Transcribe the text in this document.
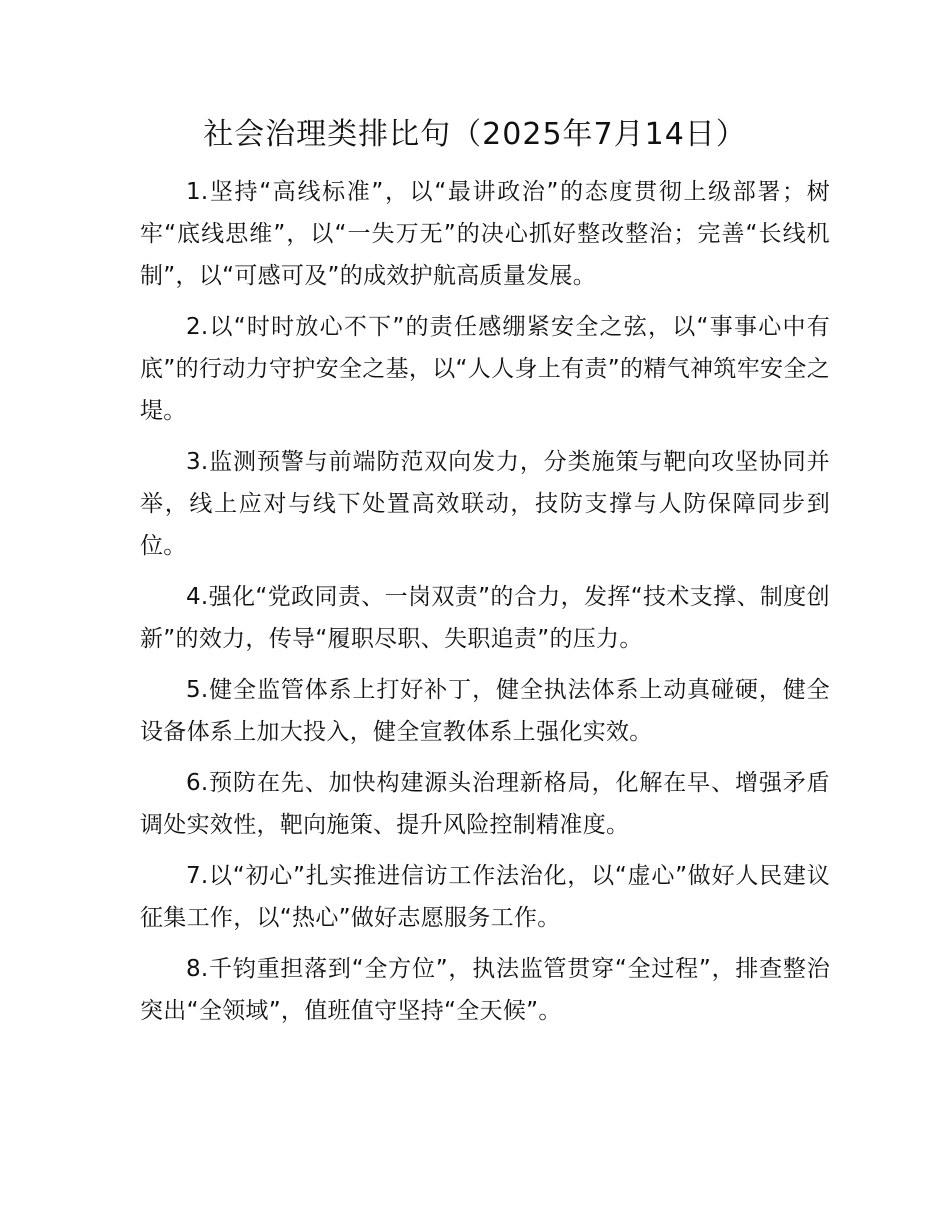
社会治理类排比句（2025年7月14日）

1.坚持“高线标准”，以“最讲政治”的态度贯彻上级部署；树牢“底线思维”，以“一失万无”的决心抓好整改整治；完善“长线机制”，以“可感可及”的成效护航高质量发展。

2.以“时时放心不下”的责任感绷紧安全之弦，以“事事心中有底”的行动力守护安全之基，以“人人身上有责”的精气神筑牢安全之堤。

3.监测预警与前端防范双向发力，分类施策与靶向攻坚协同并举，线上应对与线下处置高效联动，技防支撑与人防保障同步到位。

4.强化“党政同责、一岗双责”的合力，发挥“技术支撑、制度创新”的效力，传导“履职尽职、失职追责”的压力。

5.健全监管体系上打好补丁，健全执法体系上动真碰硬，健全设备体系上加大投入，健全宣教体系上强化实效。

6.预防在先、加快构建源头治理新格局，化解在早、增强矛盾调处实效性，靶向施策、提升风险控制精准度。

7.以“初心”扎实推进信访工作法治化，以“虚心”做好人民建议征集工作，以“热心”做好志愿服务工作。

8.千钧重担落到“全方位”，执法监管贯穿“全过程”，排查整治突出“全领域”，值班值守坚持“全天候”。
